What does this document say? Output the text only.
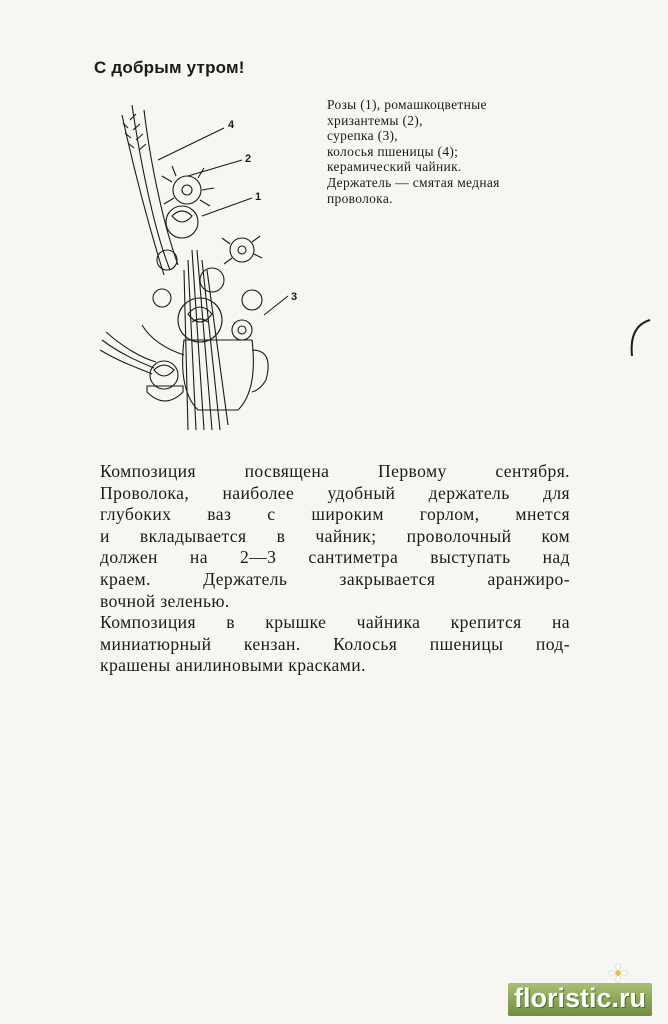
С добрым утром!
4
2
1
3
Розы (1), ромашкоцветные
хризантемы (2),
сурепка (3),
колосья пшеницы (4);
керамический чайник.
Держатель — смятая медная
проволока.
Композиция посвящена Первому сентября.
Проволока, наиболее удобный держатель для
глубоких ваз с широким горлом, мнется
и вкладывается в чайник; проволочный ком
должен на 2—3 сантиметра выступать над
краем. Держатель закрывается аранжиро-
вочной зеленью.
Композиция в крышке чайника крепится на
миниатюрный кензан. Колосья пшеницы под-
крашены анилиновыми красками.
floristic.ru
